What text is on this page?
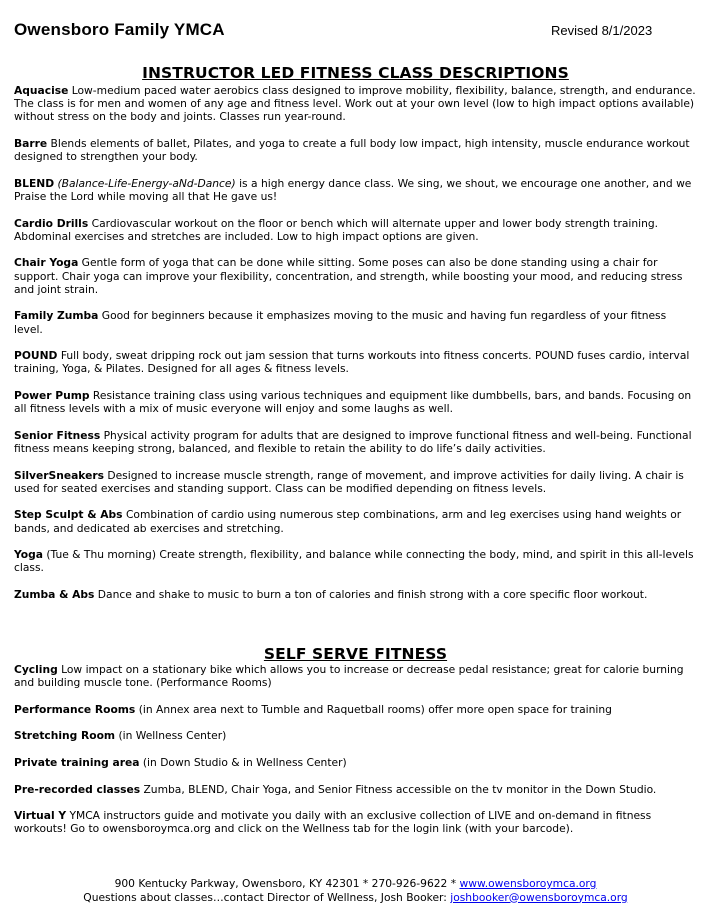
Owensboro Family YMCA	Revised 8/1/2023
INSTRUCTOR LED FITNESS CLASS DESCRIPTIONS

Aquacise Low-medium paced water aerobics class designed to improve mobility, flexibility, balance, strength, and endurance. The class is for men and women of any age and fitness level. Work out at your own level (low to high impact options available) without stress on the body and joints. Classes run year-round.

Barre Blends elements of ballet, Pilates, and yoga to create a full body low impact, high intensity, muscle endurance workout designed to strengthen your body.

BLEND (Balance-Life-Energy-aNd-Dance) is a high energy dance class. We sing, we shout, we encourage one another, and we Praise the Lord while moving all that He gave us!

Cardio Drills Cardiovascular workout on the floor or bench which will alternate upper and lower body strength training. Abdominal exercises and stretches are included. Low to high impact options are given.

Chair Yoga Gentle form of yoga that can be done while sitting. Some poses can also be done standing using a chair for support. Chair yoga can improve your flexibility, concentration, and strength, while boosting your mood, and reducing stress and joint strain.

Family Zumba Good for beginners because it emphasizes moving to the music and having fun regardless of your fitness level.

POUND Full body, sweat dripping rock out jam session that turns workouts into fitness concerts. POUND fuses cardio, interval training, Yoga, & Pilates. Designed for all ages & fitness levels.

Power Pump Resistance training class using various techniques and equipment like dumbbells, bars, and bands. Focusing on all fitness levels with a mix of music everyone will enjoy and some laughs as well.

Senior Fitness Physical activity program for adults that are designed to improve functional fitness and well-being. Functional fitness means keeping strong, balanced, and flexible to retain the ability to do life’s daily activities.

SilverSneakers Designed to increase muscle strength, range of movement, and improve activities for daily living. A chair is used for seated exercises and standing support. Class can be modified depending on fitness levels.

Step Sculpt & Abs Combination of cardio using numerous step combinations, arm and leg exercises using hand weights or bands, and dedicated ab exercises and stretching.

Yoga (Tue & Thu morning) Create strength, flexibility, and balance while connecting the body, mind, and spirit in this all-levels class.

Zumba & Abs Dance and shake to music to burn a ton of calories and finish strong with a core specific floor workout.

SELF SERVE FITNESS

Cycling Low impact on a stationary bike which allows you to increase or decrease pedal resistance; great for calorie burning and building muscle tone. (Performance Rooms)

Performance Rooms (in Annex area next to Tumble and Raquetball rooms) offer more open space for training

Stretching Room (in Wellness Center)

Private training area (in Down Studio & in Wellness Center)

Pre-recorded classes Zumba, BLEND, Chair Yoga, and Senior Fitness accessible on the tv monitor in the Down Studio.

Virtual Y YMCA instructors guide and motivate you daily with an exclusive collection of LIVE and on-demand in fitness workouts! Go to owensboroymca.org and click on the Wellness tab for the login link (with your barcode).

900 Kentucky Parkway, Owensboro, KY 42301 * 270-926-9622 * www.owensboroymca.org
Questions about classes…contact Director of Wellness, Josh Booker: joshbooker@owensboroymca.org
